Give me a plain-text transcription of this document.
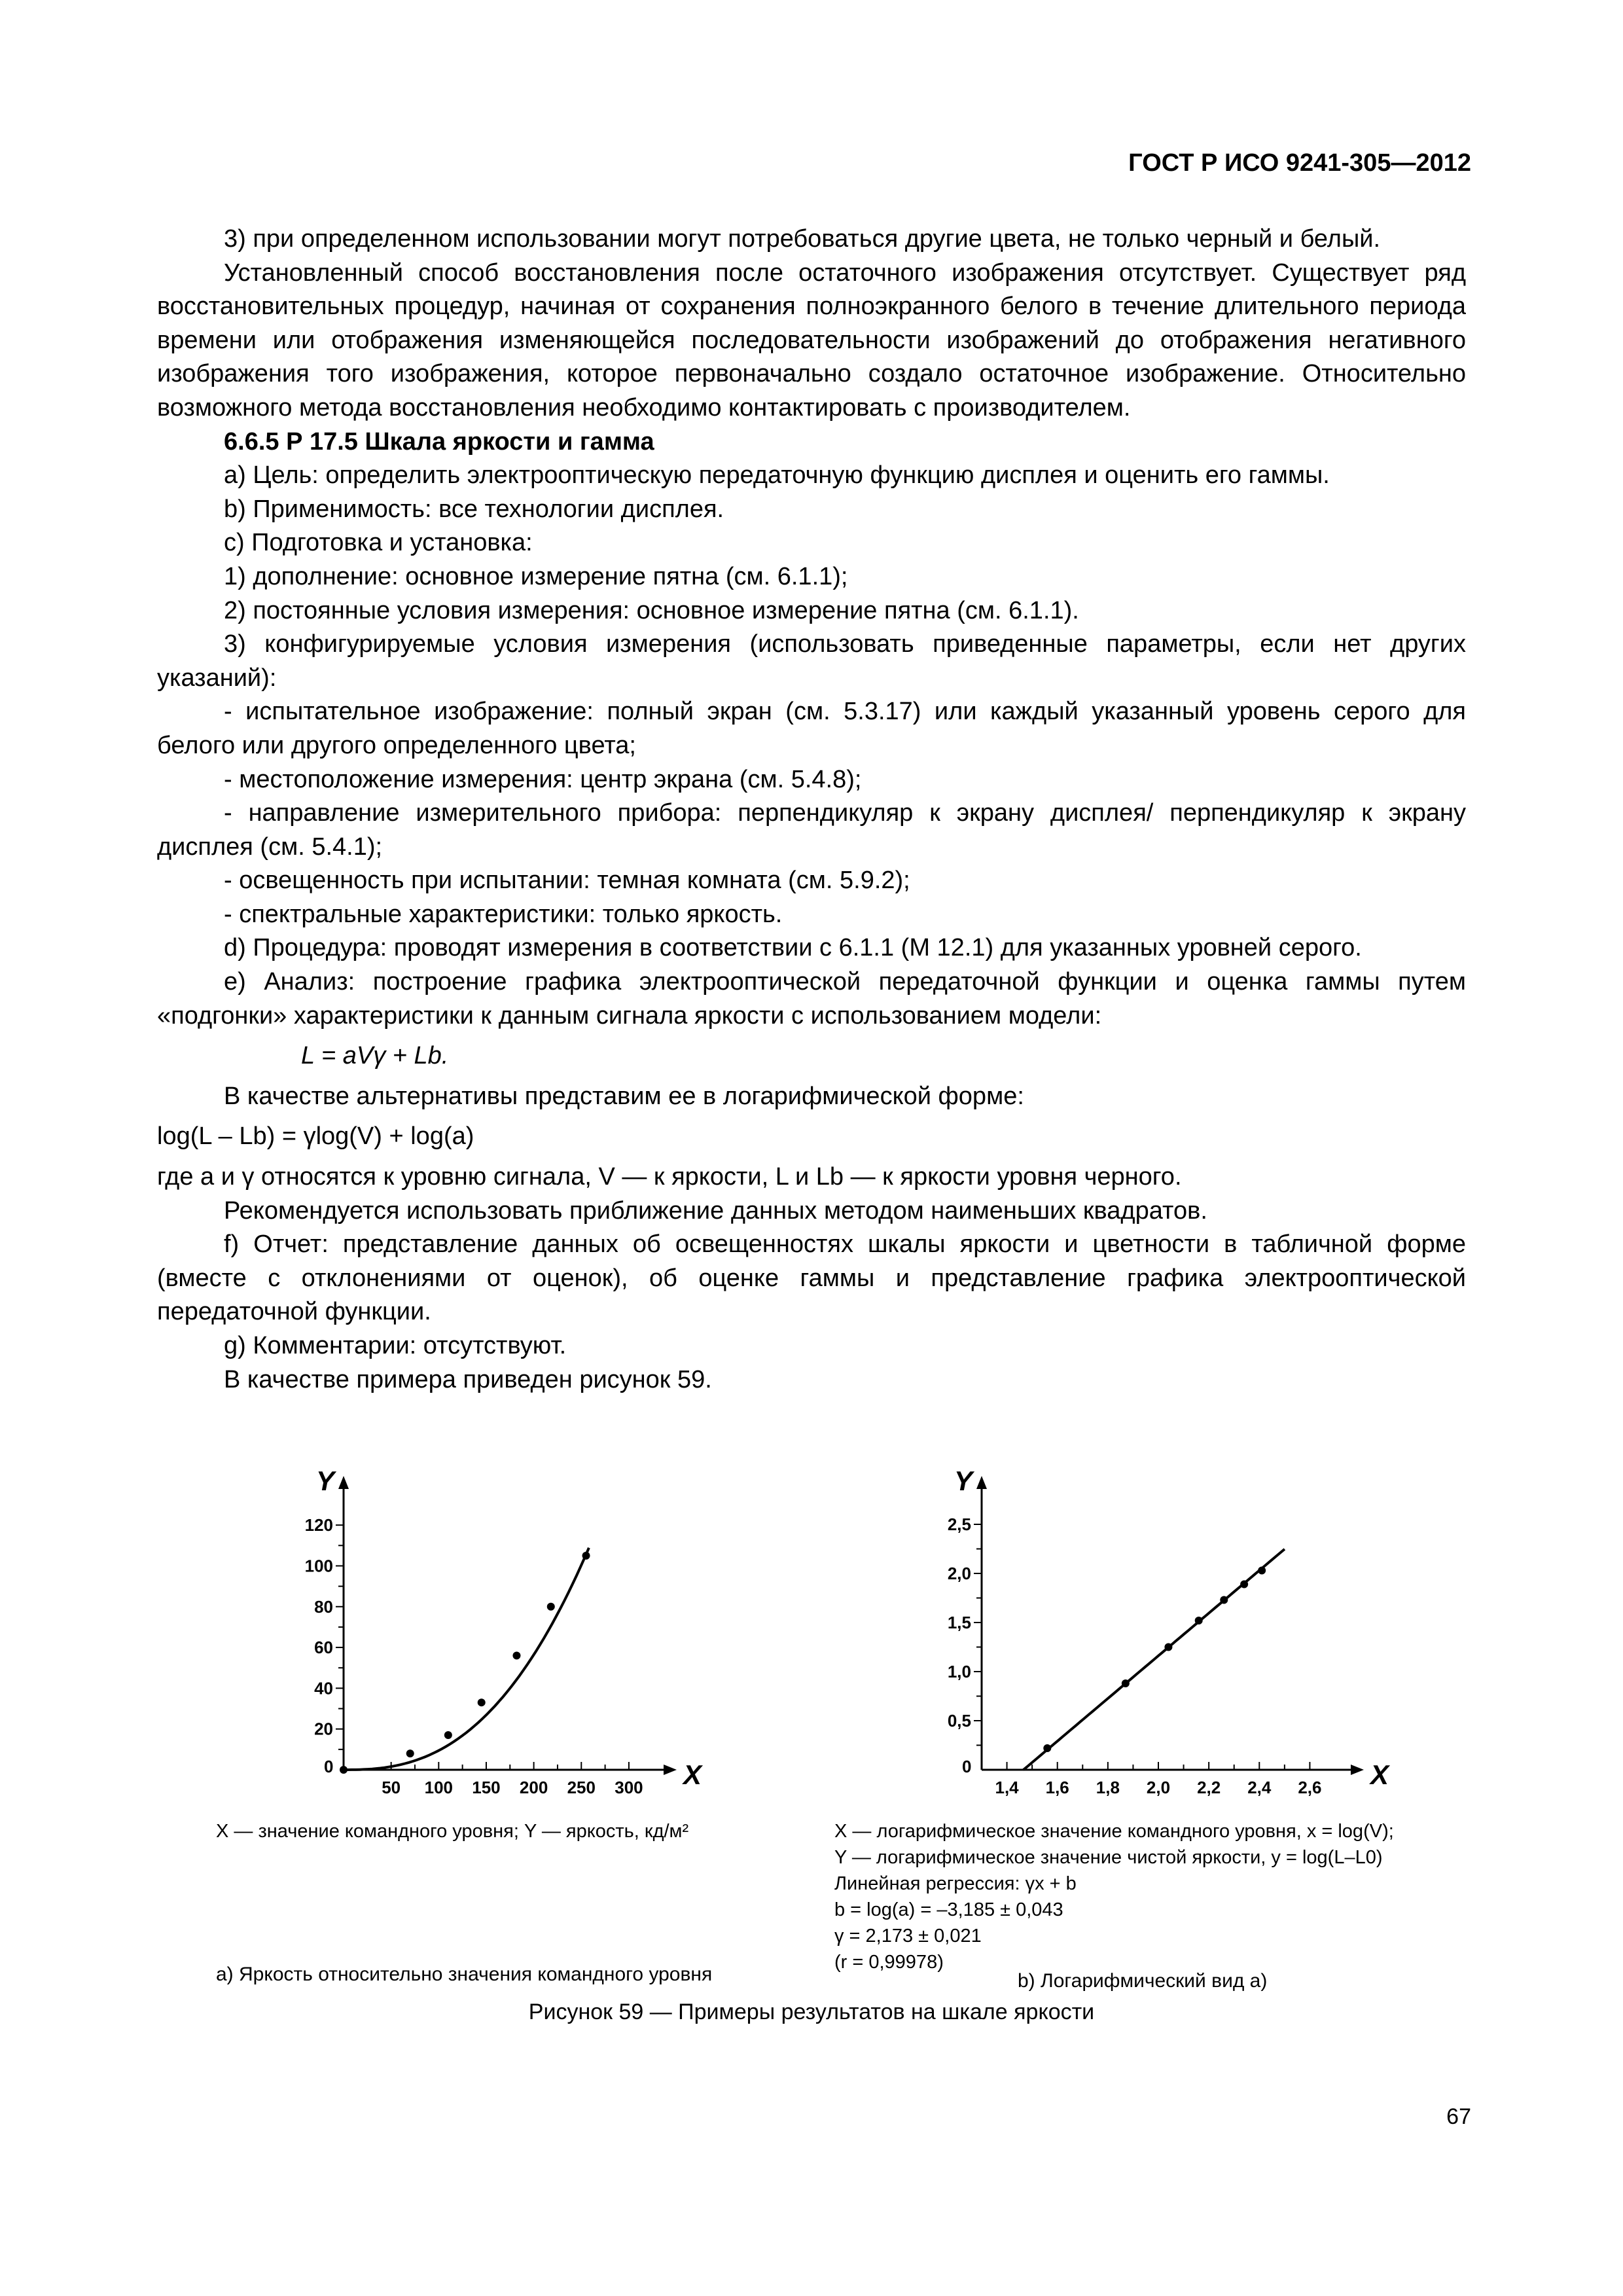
ГОСТ Р ИСО 9241-305—2012

3) при определенном использовании могут потребоваться другие цвета, не только черный и белый.

Установленный способ восстановления после остаточного изображения отсутствует. Существует ряд восстановительных процедур, начиная от сохранения полноэкранного белого в течение длительного периода времени или отображения изменяющейся последовательности изображений до отображения негативного изображения того изображения, которое первоначально создало остаточное изображение. Относительно возможного метода восстановления необходимо контактировать с производителем.

6.6.5 Р 17.5 Шкала яркости и гамма

a) Цель: определить электрооптическую передаточную функцию дисплея и оценить его гаммы.

b) Применимость: все технологии дисплея.

c) Подготовка и установка:

1) дополнение: основное измерение пятна (см. 6.1.1);

2) постоянные условия измерения: основное измерение пятна (см. 6.1.1).

3) конфигурируемые условия измерения (использовать приведенные параметры, если нет других указаний):

- испытательное изображение: полный экран (см. 5.3.17) или каждый указанный уровень серого для белого или другого определенного цвета;

- местоположение измерения: центр экрана (см. 5.4.8);

- направление измерительного прибора: перпендикуляр к экрану дисплея/ перпендикуляр к экрану дисплея (см. 5.4.1);

- освещенность при испытании: темная комната (см. 5.9.2);

- спектральные характеристики: только яркость.

d) Процедура: проводят измерения в соответствии с 6.1.1 (М 12.1) для указанных уровней серого.

e) Анализ: построение графика электрооптической передаточной функции и оценка гаммы путем «подгонки» характеристики к данным сигнала яркости с использованием модели:

L = aVγ + Lb.

В качестве альтернативы представим ее в логарифмической форме:

log(L – Lb) = γlog(V) + log(a)

где a и γ относятся к уровню сигнала, V — к яркости, L и Lb — к яркости уровня черного.

Рекомендуется использовать приближение данных методом наименьших квадратов.

f) Отчет: представление данных об освещенностях шкалы яркости и цветности в табличной форме (вместе с отклонениями от оценок), об оценке гаммы и представление графика электрооптической передаточной функции.

g) Комментарии: отсутствуют.

В качестве примера приведен рисунок 59.

X
Y
0
50 100 150 200 250 300
20
40
60
80
100
120
X
Y
0
1,4 1,6 1,8 2,0 2,2 2,4 2,6
0,5
1,0
1,5
2,0
2,5
X — значение командного уровня; Y — яркость, кд/м²	X — логарифмическое значение командного уровня, x = log(V);
Y — логарифмическое значение чистой яркости, y = log(L–L0)
Линейная регрессия: γx + b
b = log(a) = –3,185 ± 0,043
γ = 2,173 ± 0,021
(r = 0,99978)
a) Яркость относительно значения командного уровня	b) Логарифмический вид a)
Рисунок 59 — Примеры результатов на шкале яркости
67
